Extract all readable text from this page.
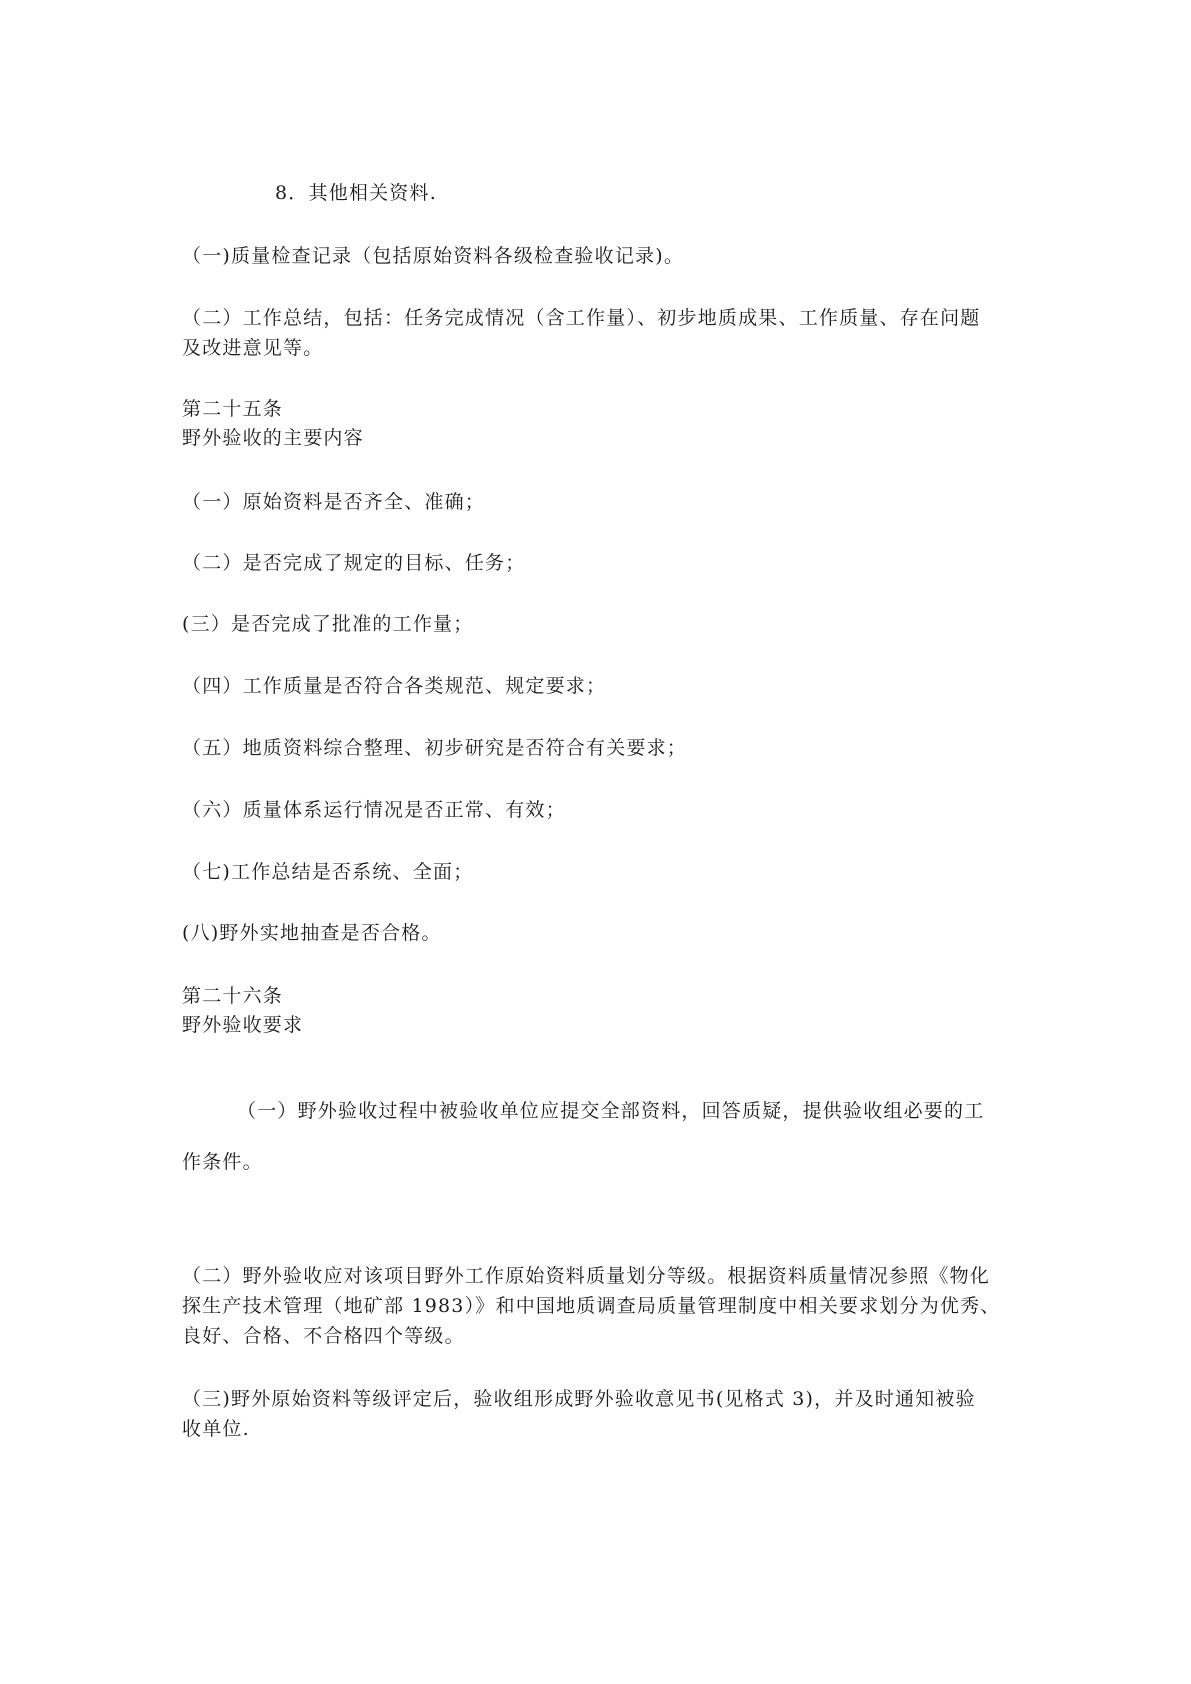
8．其他相关资料.
（一)质量检查记录（包括原始资料各级检查验收记录)。
（二）工作总结，包括：任务完成情况（含工作量）、初步地质成果、工作质量、存在问题
及改进意见等。
第二十五条
野外验收的主要内容
（一）原始资料是否齐全、准确；
（二）是否完成了规定的目标、任务；
(三）是否完成了批准的工作量；
（四）工作质量是否符合各类规范、规定要求；
（五）地质资料综合整理、初步研究是否符合有关要求；
（六）质量体系运行情况是否正常、有效；
（七)工作总结是否系统、全面；
(八)野外实地抽查是否合格。
第二十六条
野外验收要求
（一）野外验收过程中被验收单位应提交全部资料，回答质疑，提供验收组必要的工
作条件。
（二）野外验收应对该项目野外工作原始资料质量划分等级。根据资料质量情况参照《物化
探生产技术管理（地矿部 1983）》和中国地质调查局质量管理制度中相关要求划分为优秀、
良好、合格、不合格四个等级。
（三)野外原始资料等级评定后，验收组形成野外验收意见书(见格式 3)，并及时通知被验
收单位.
